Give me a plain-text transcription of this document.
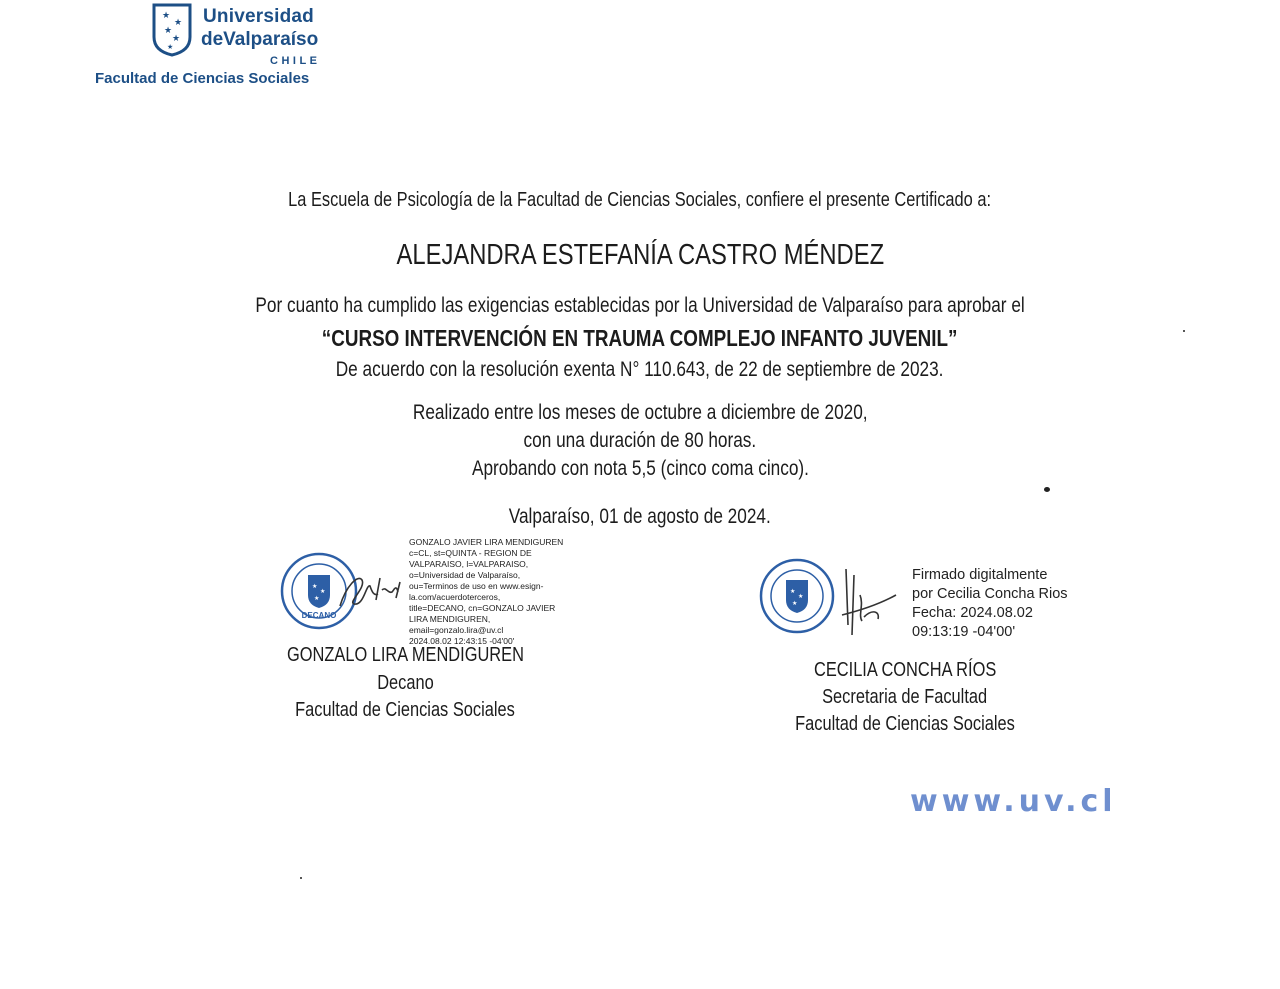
★
★
★
★
★
Universidad
deValparaíso
CHILE
Facultad de Ciencias Sociales
La Escuela de Psicología de la Facultad de Ciencias Sociales, confiere el presente Certificado a:
ALEJANDRA ESTEFANÍA CASTRO MÉNDEZ
Por cuanto ha cumplido las exigencias establecidas por la Universidad de Valparaíso para aprobar el
“CURSO INTERVENCIÓN EN TRAUMA COMPLEJO INFANTO JUVENIL”
De acuerdo con la resolución exenta N° 110.643, de 22 de septiembre de 2023.
Realizado entre los meses de octubre a diciembre de 2020,
con una duración de 80 horas.
Aprobando con nota 5,5 (cinco coma cinco).
Valparaíso, 01 de agosto de 2024.
★
★
★
DECANO
GONZALO JAVIER LIRA MENDIGUREN
c=CL, st=QUINTA - REGION DE
VALPARAISO, l=VALPARAISO,
o=Universidad de Valparaíso,
ou=Terminos de uso en www.esign-
la.com/acuerdoterceros,
title=DECANO, cn=GONZALO JAVIER
LIRA MENDIGUREN,
email=gonzalo.lira@uv.cl
2024.08.02 12:43:15 -04'00'
GONZALO LIRA MENDIGUREN
Decano
Facultad de Ciencias Sociales
★
★
★
Firmado digitalmente
por Cecilia Concha Rios
Fecha: 2024.08.02
09:13:19 -04'00'
CECILIA CONCHA RÍOS
Secretaria de Facultad
Facultad de Ciencias Sociales
www.uv.cl
